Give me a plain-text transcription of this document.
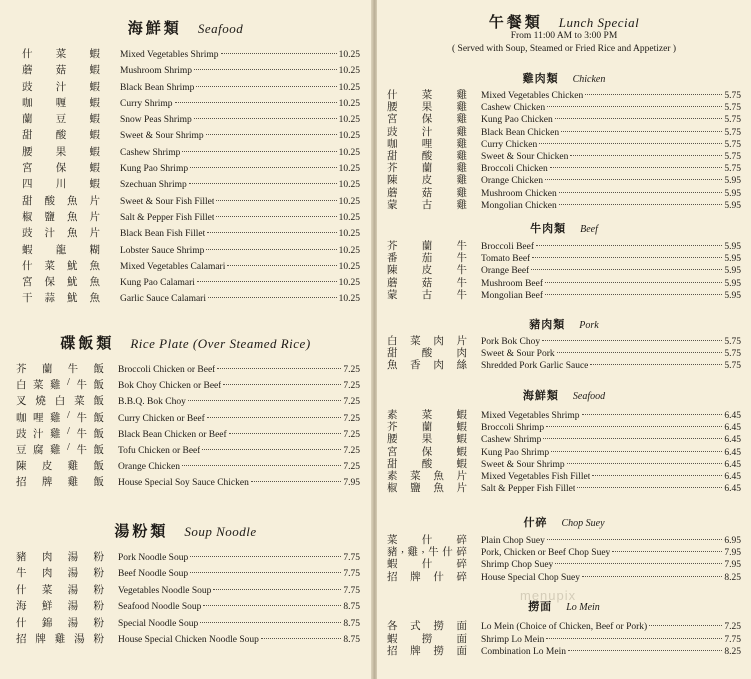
海鮮類 Seafood
什 菜 蝦 Mixed Vegetables Shrimp	10.25
蘑 菇 蝦 Mushroom Shrimp	10.25
豉 汁 蝦 Black Bean Shrimp	10.25
咖 喱 蝦 Curry Shrimp	10.25
蘭 豆 蝦 Snow Peas Shrimp	10.25
甜 酸 蝦 Sweet & Sour Shrimp	10.25
腰 果 蝦 Cashew Shrimp	10.25
宮 保 蝦 Kung Pao Shrimp	10.25
四 川 蝦 Szechuan Shrimp	10.25
甜 酸 魚 片 Sweet & Sour Fish Fillet	10.25
椒 鹽 魚 片 Salt & Pepper Fish Fillet	10.25
豉 汁 魚 片 Black Bean Fish Fillet	10.25
蝦 龍 糊 Lobster Sauce Shrimp	10.25
什 菜 魷 魚 Mixed Vegetables Calamari	10.25
宮 保 魷 魚 Kung Pao Calamari	10.25
干 蒜 魷 魚 Garlic Sauce Calamari	10.25
碟飯類 Rice Plate (Over Steamed Rice)
芥 蘭 牛 飯 Broccoli Chicken or Beef	7.25
白 菜 雞 / 牛 飯 Bok Choy Chicken or Beef	7.25
叉 燒 白 菜 飯 B.B.Q. Bok Choy	7.25
咖 哩 雞 / 牛 飯 Curry Chicken or Beef	7.25
豉 汁 雞 / 牛 飯 Black Bean Chicken or Beef	7.25
豆 腐 雞 / 牛 飯 Tofu Chicken or Beef	7.25
陳 皮 雞 飯 Orange Chicken	7.25
招 牌 雞 飯 House Special Soy Sauce Chicken	7.95
湯粉類 Soup Noodle
豬 肉 湯 粉 Pork Noodle Soup	7.75
牛 肉 湯 粉 Beef Noodle Soup	7.75
什 菜 湯 粉 Vegetables Noodle Soup	7.75
海 鮮 湯 粉 Seafood Noodle Soup	8.75
什 錦 湯 粉 Special Noodle Soup	8.75
招 牌 雞 湯 粉 House Special Chicken Noodle Soup	8.75
午餐類 Lunch Special
From 11:00 AM to 3:00 PM
( Served with Soup, Steamed or Fried Rice and Appetizer )
雞肉類 Chicken
什 菜 雞 Mixed Vegetables Chicken	5.75
腰 果 雞 Cashew Chicken	5.75
宮 保 雞 Kung Pao Chicken	5.75
豉 汁 雞 Black Bean Chicken	5.75
咖 哩 雞 Curry Chicken	5.75
甜 酸 雞 Sweet & Sour Chicken	5.75
芥 蘭 雞 Broccoli Chicken	5.75
陳 皮 雞 Orange Chicken	5.95
蘑 菇 雞 Mushroom Chicken	5.95
蒙 古 雞 Mongolian Chicken	5.95
牛肉類 Beef
芥 蘭 牛 Broccoli Beef	5.95
番 茄 牛 Tomato Beef	5.95
陳 皮 牛 Orange Beef	5.95
蘑 菇 牛 Mushroom Beef	5.95
蒙 古 牛 Mongolian Beef	5.95
豬肉類 Pork
白 菜 肉 片 Pork Bok Choy	5.75
甜 酸 肉 Sweet & Sour Pork	5.75
魚 香 肉 絲 Shredded Pork Garlic Sauce	5.75
海鮮類 Seafood
素 菜 蝦 Mixed Vegetables Shrimp	6.45
芥 蘭 蝦 Broccoli Shrimp	6.45
腰 果 蝦 Cashew Shrimp	6.45
宮 保 蝦 Kung Pao Shrimp	6.45
甜 酸 蝦 Sweet & Sour Shrimp	6.45
素 菜 魚 片 Mixed Vegetables Fish Fillet	6.45
椒 鹽 魚 片 Salt & Pepper Fish Fillet	6.45
什碎 Chop Suey
菜 什 碎 Plain Chop Suey	6.95
豬 , 雞 , 牛 什 碎 Pork, Chicken or Beef Chop Suey	7.95
蝦 什 碎 Shrimp Chop Suey	7.95
招 牌 什 碎 House Special Chop Suey	8.25
撈面 Lo Mein
各 式 撈 面 Lo Mein (Choice of Chicken, Beef or Pork)	7.25
蝦 撈 面 Shrimp Lo Mein	7.75
招 牌 撈 面 Combination Lo Mein	8.25
menupix
